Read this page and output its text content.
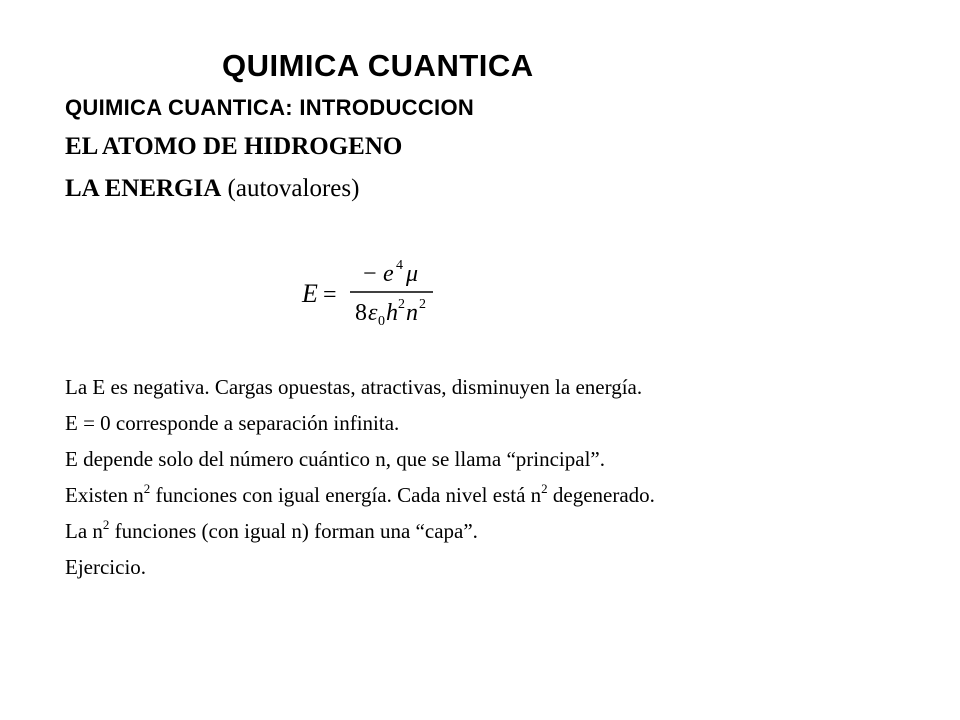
QUIMICA CUANTICA
QUIMICA CUANTICA: INTRODUCCION
EL ATOMO DE HIDROGENO
LA ENERGIA (autovalores)
E =
− e 4 μ
8 ε 0 h 2 n 2
La E es negativa. Cargas opuestas, atractivas, disminuyen la energía.
E = 0 corresponde a separación infinita.
E depende solo del número cuántico n, que se llama “principal”.
Existen $n^2$ funciones con igual energía. Cada nivel está $n^2$ degenerado.
La $n^2$ funciones (con igual n) forman una “capa”.
Ejercicio.
